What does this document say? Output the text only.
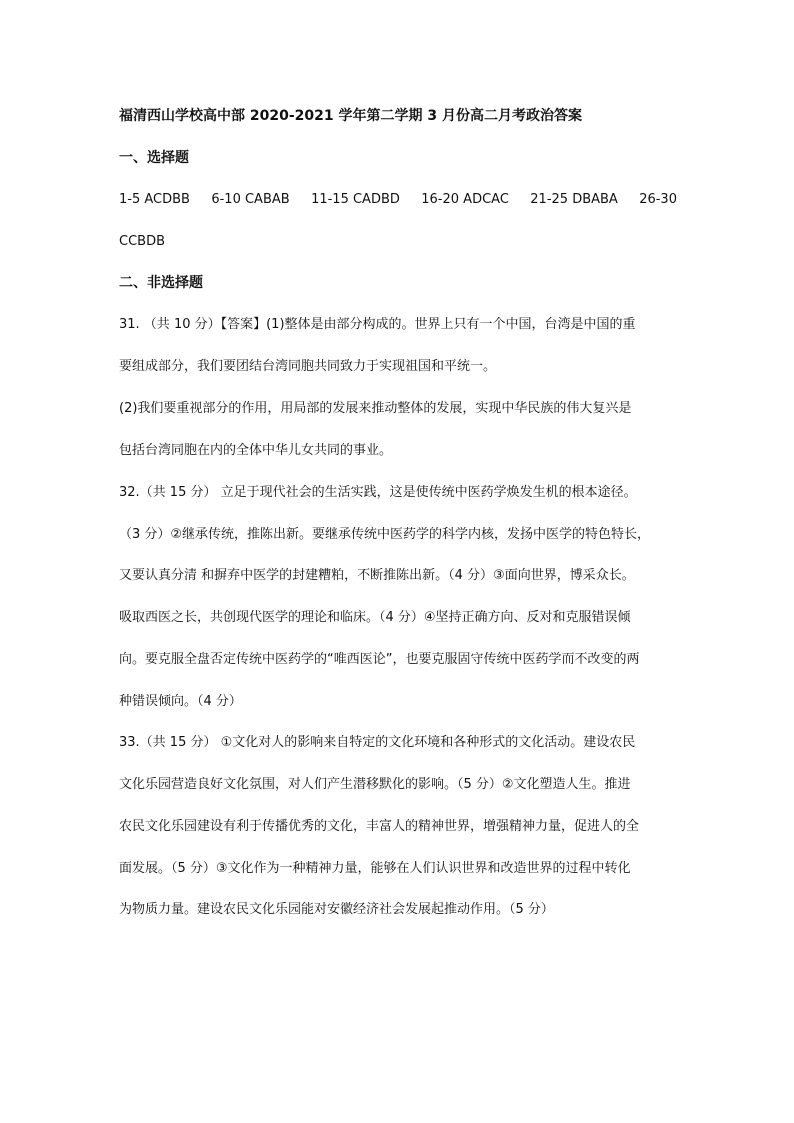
福清西山学校高中部 2020-2021 学年第二学期 3 月份高二月考政治答案
一、选择题
1-5 ACDBB 6-10 CABAB 11-15 CADBD 16-20 ADCAC 21-25 DBABA 26-30
CCBDB
二、非选择题
31. （共 10 分）【答案】(1)整体是由部分构成的。世界上只有一个中国，台湾是中国的重
要组成部分，我们要团结台湾同胞共同致力于实现祖国和平统一。
(2)我们要重视部分的作用，用局部的发展来推动整体的发展，实现中华民族的伟大复兴是
包括台湾同胞在内的全体中华儿女共同的事业。
32.（共 15 分） 立足于现代社会的生活实践，这是使传统中医药学焕发生机的根本途径。
（3 分）②继承传统，推陈出新。要继承传统中医药学的科学内核，发扬中医学的特色特长，
又要认真分清 和摒弃中医学的封建糟粕，不断推陈出新。（4 分）③面向世界，博采众长。
吸取西医之长，共创现代医学的理论和临床。（4 分）④坚持正确方向、反对和克服错误倾
向。要克服全盘否定传统中医药学的“唯西医论”，也要克服固守传统中医药学而不改变的两
种错误倾向。（4 分）
33.（共 15 分） ①文化对人的影响来自特定的文化环境和各种形式的文化活动。建设农民
文化乐园营造良好文化氛围，对人们产生潜移默化的影响。（5 分）②文化塑造人生。推进
农民文化乐园建设有利于传播优秀的文化，丰富人的精神世界，增强精神力量，促进人的全
面发展。（5 分）③文化作为一种精神力量，能够在人们认识世界和改造世界的过程中转化
为物质力量。建设农民文化乐园能对安徽经济社会发展起推动作用。（5 分）
